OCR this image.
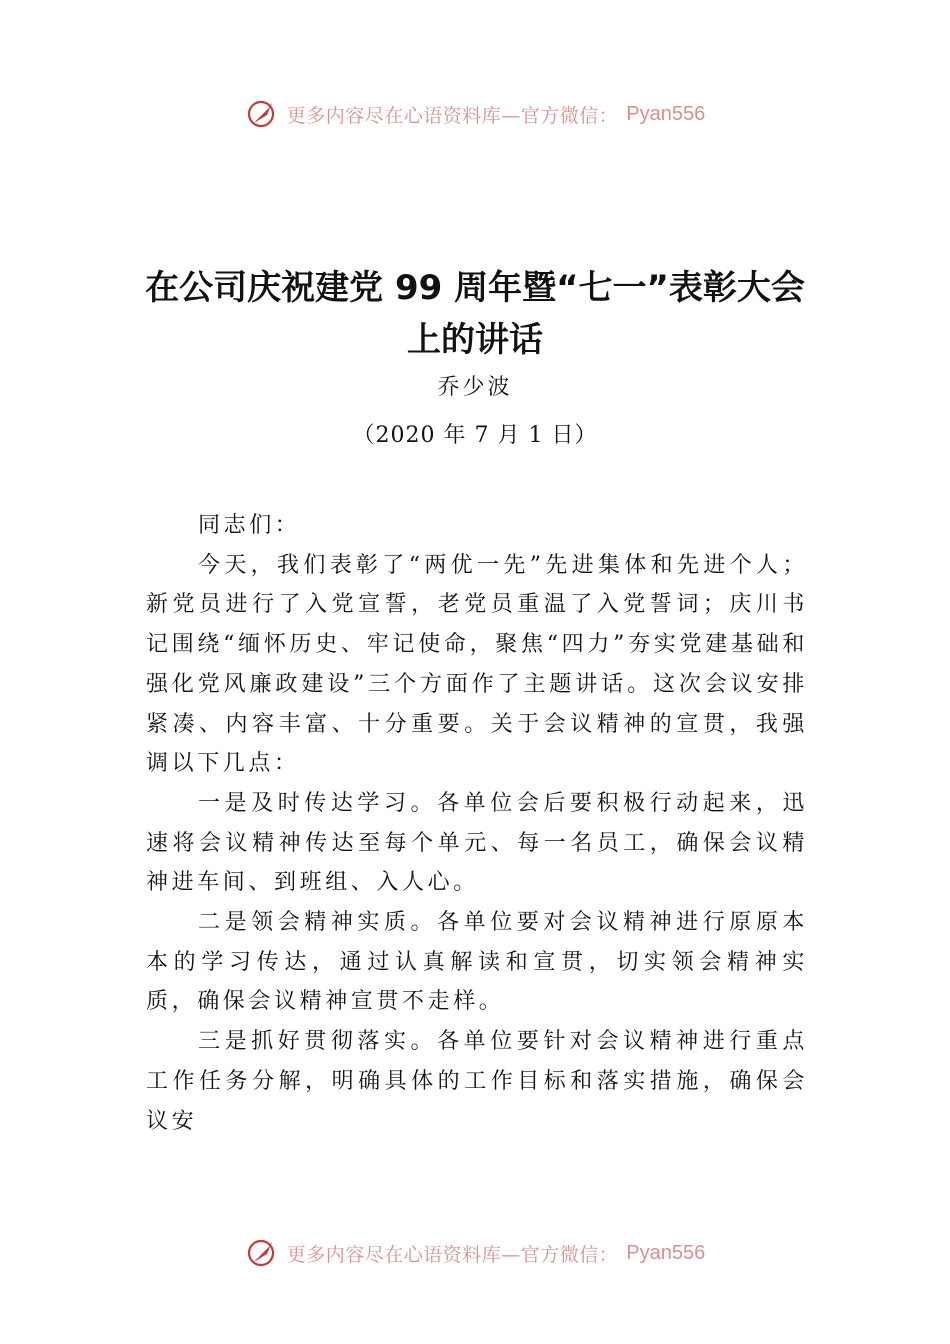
更多内容尽在心语资料库—官方微信： Pyan556
在公司庆祝建党 99 周年暨“七一”表彰大会上的讲话
乔少波
（2020 年 7 月 1 日）

同志们：

今天，我们表彰了“两优一先”先进集体和先进个人；新党员进行了入党宣誓，老党员重温了入党誓词；庆川书记围绕“缅怀历史、牢记使命，聚焦“四力”夯实党建基础和强化党风廉政建设”三个方面作了主题讲话。这次会议安排紧凑、内容丰富、十分重要。关于会议精神的宣贯，我强调以下几点：

一是及时传达学习。各单位会后要积极行动起来，迅速将会议精神传达至每个单元、每一名员工，确保会议精神进车间、到班组、入人心。

二是领会精神实质。各单位要对会议精神进行原原本本的学习传达，通过认真解读和宣贯，切实领会精神实质，确保会议精神宣贯不走样。

三是抓好贯彻落实。各单位要针对会议精神进行重点工作任务分解，明确具体的工作目标和落实措施，确保会议安

更多内容尽在心语资料库—官方微信： Pyan556
